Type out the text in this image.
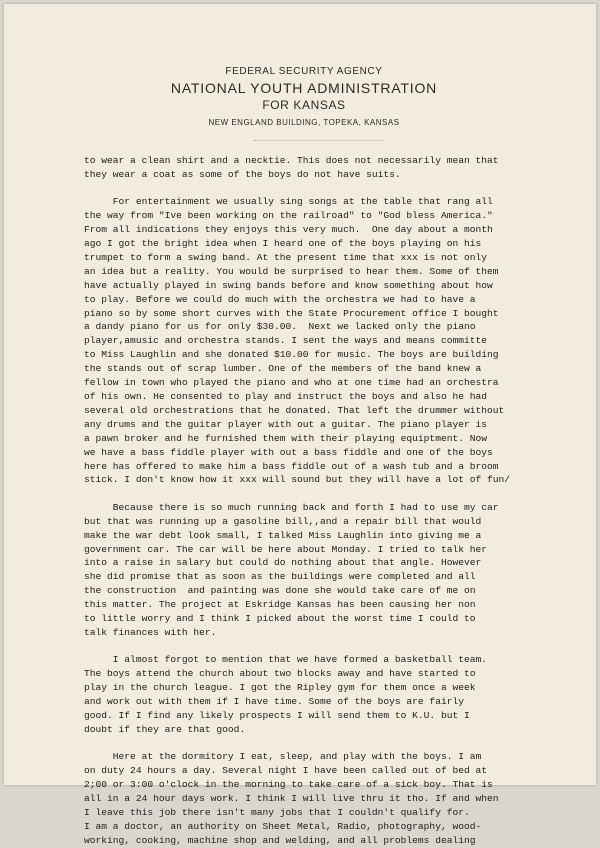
FEDERAL SECURITY AGENCY
NATIONAL YOUTH ADMINISTRATION
FOR KANSAS
NEW ENGLAND BUILDING, TOPEKA, KANSAS
to wear a clean shirt and a necktie. This does not necessarily mean that
they wear a coat as some of the boys do not have suits.
For entertainment we usually sing songs at the table that rang all
the way from "Ive been working on the railroad" to "God bless America."
From all indications they enjoys this very much.  One day about a month
ago I got the bright idea when I heard one of the boys playing on his
trumpet to form a swing band. At the present time that xxx is not only
an idea but a reality. You would be surprised to hear them. Some of them
have actually played in swing bands before and know something about how
to play. Before we could do much with the orchestra we had to have a
piano so by some short curves with the State Procurement office I bought
a dandy piano for us for only $30.00.  Next we lacked only the piano
player,amusic and orchestra stands. I sent the ways and means committe
to Miss Laughlin and she donated $10.00 for music. The boys are building
the stands out of scrap lumber. One of the members of the band knew a
fellow in town who played the piano and who at one time had an orchestra
of his own. He consented to play and instruct the boys and also he had
several old orchestrations that he donated. That left the drummer without
any drums and the guitar player with out a guitar. The piano player is
a pawn broker and he furnished them with their playing equiptment. Now
we have a bass fiddle player with out a bass fiddle and one of the boys
here has offered to make him a bass fiddle out of a wash tub and a broom
stick. I don't know how it xxx will sound but they will have a lot of fun/
Because there is so much running back and forth I had to use my car
but that was running up a gasoline bill,,and a repair bill that would
make the war debt look small, I talked Miss Laughlin into giving me a
government car. The car will be here about Monday. I tried to talk her
into a raise in salary but could do nothing about that angle. However
she did promise that as soon as the buildings were completed and all
the construction  and painting was done she would take care of me on
this matter. The project at Eskridge Kansas has been causing her non
to little worry and I think I picked about the worst time I could to
talk finances with her.
I almost forgot to mention that we have formed a basketball team.
The boys attend the church about two blocks away and have started to
play in the church league. I got the Ripley gym for them once a week
and work out with them if I have time. Some of the boys are fairly
good. If I find any likely prospects I will send them to K.U. but I
doubt if they are that good.
Here at the dormitory I eat, sleep, and play with the boys. I am
on duty 24 hours a day. Several night I have been called out of bed at
2;00 or 3:00 o'clock in the morning to take care of a sick boy. That is
all in a 24 hour days work. I think I will live thru it tho. If and when
I leave this job there isn't many jobs that I couldn't qualify for.
I am a doctor, an authority on Sheet Metal, Radio, photography, wood-
working, cooking, machine shop and welding, and all problems dealing
